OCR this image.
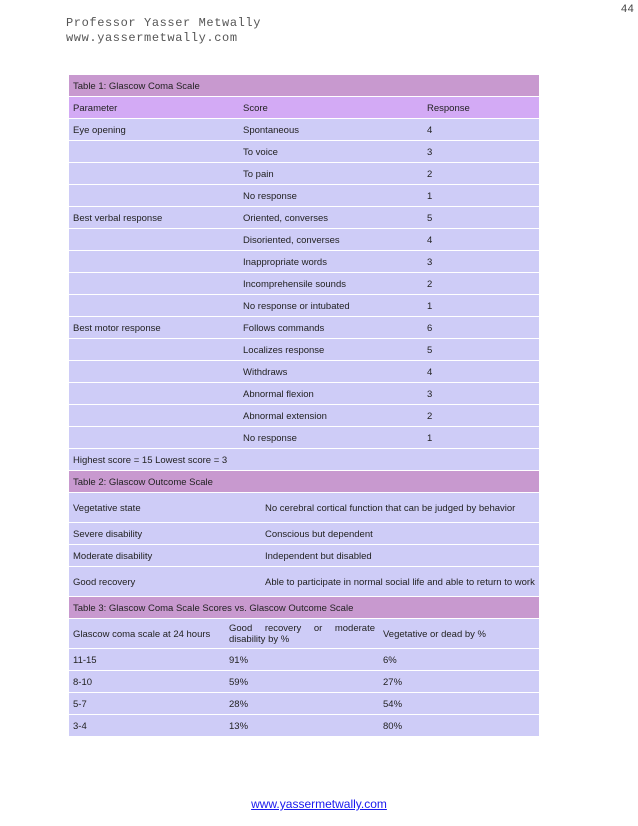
44
Professor Yasser Metwally
www.yassermetwally.com
Table 1: Glascow Coma Scale		
Parameter	Score	Response
Eye opening	Spontaneous	4
	To voice	3
	To pain	2
	No response	1
Best verbal response	Oriented, converses	5
	Disoriented, converses	4
	Inappropriate words	3
	Incomprehensile sounds	2
	No response or intubated	1
Best motor response	Follows commands	6
	Localizes response	5
	Withdraws	4
	Abnormal flexion	3
	Abnormal extension	2
	No response	1
Highest score = 15 Lowest score = 3		
Table 2: Glascow Outcome Scale	
Vegetative state	No cerebral cortical function that can be judged by behavior
Severe disability	Conscious but dependent
Moderate disability	Independent but disabled
Good recovery	Able to participate in normal social life and able to return to work
Table 3: Glascow Coma Scale Scores vs. Glascow Outcome Scale		
Glascow coma scale at 24 hours	Good recovery or moderate disability by %	Vegetative or dead by %
11-15	91%	6%
8-10	59%	27%
5-7	28%	54%
3-4	13%	80%
www.yassermetwally.com
